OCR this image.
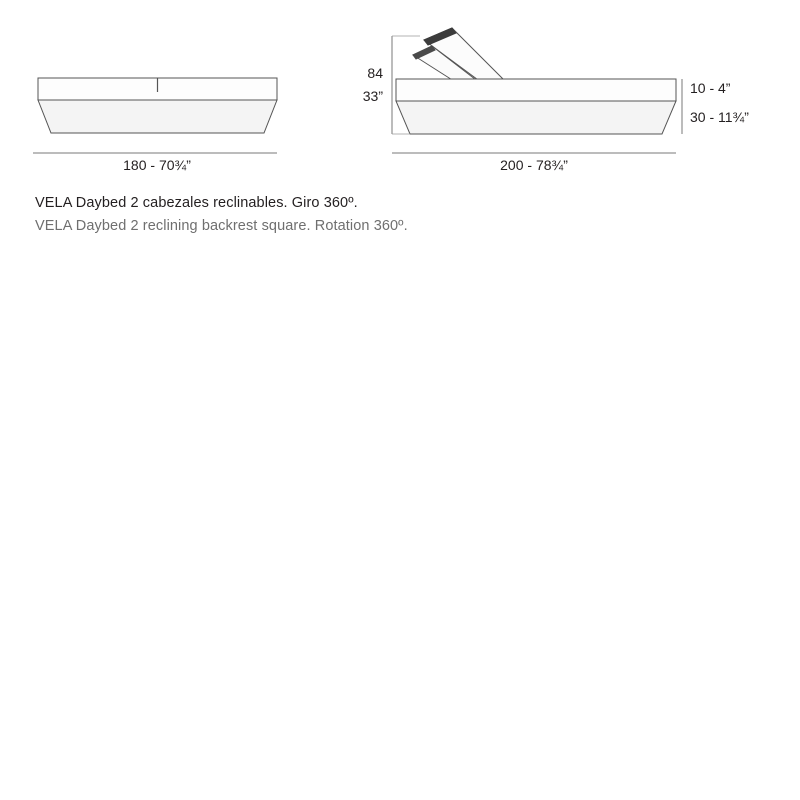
180 - 70¾”	200 - 78¾”
84
33”	10 - 4”
30 - 11¾”
VELA Daybed 2 cabezales reclinables. Giro 360º.
VELA Daybed 2 reclining backrest square. Rotation 360º.
